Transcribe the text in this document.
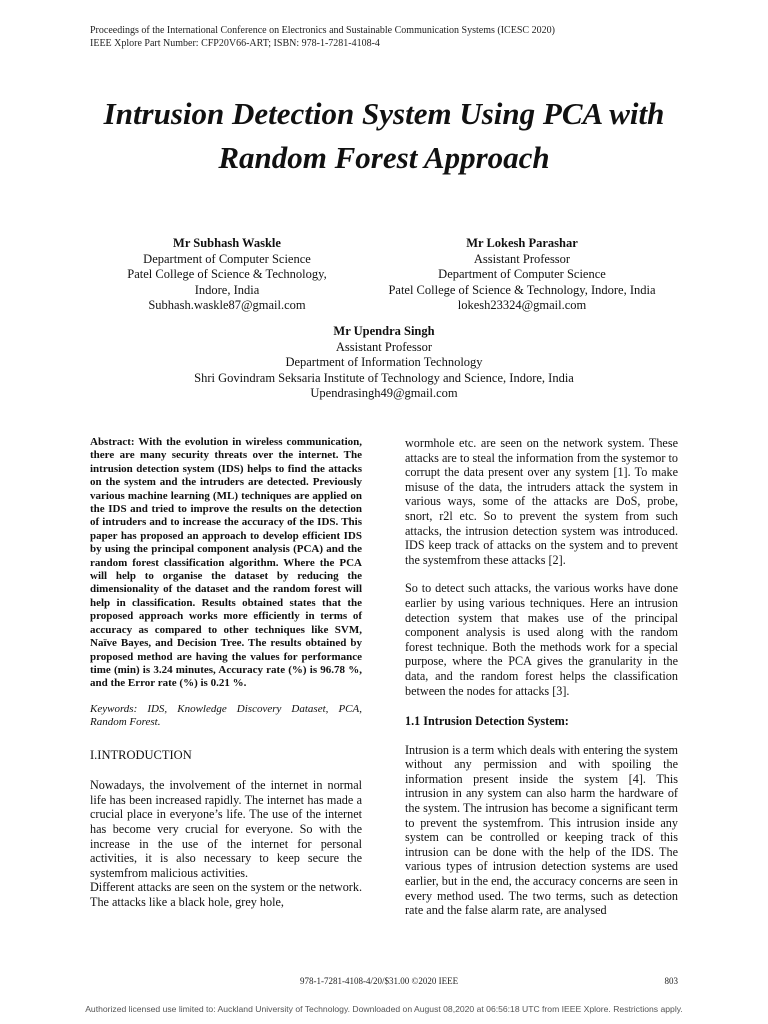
Proceedings of the International Conference on Electronics and Sustainable Communication Systems (ICESC 2020)
IEEE Xplore Part Number: CFP20V66-ART; ISBN: 978-1-7281-4108-4
Intrusion Detection System Using PCA with
Random Forest Approach
Mr Subhash Waskle
Department of Computer Science
Patel College of Science & Technology,
Indore, India
Subhash.waskle87@gmail.com
Mr Lokesh Parashar
Assistant Professor
Department of Computer Science
Patel College of Science & Technology, Indore, India
lokesh23324@gmail.com
Mr Upendra Singh
Assistant Professor
Department of Information Technology
Shri Govindram Seksaria Institute of Technology and Science, Indore, India
Upendrasingh49@gmail.com

Abstract: With the evolution in wireless communication, there are many security threats over the internet. The intrusion detection system (IDS) helps to find the attacks on the system and the intruders are detected. Previously various machine learning (ML) techniques are applied on the IDS and tried to improve the results on the detection of intruders and to increase the accuracy of the IDS. This paper has proposed an approach to develop efficient IDS by using the principal component analysis (PCA) and the random forest classification algorithm. Where the PCA will help to organise the dataset by reducing the dimensionality of the dataset and the random forest will help in classification. Results obtained states that the proposed approach works more efficiently in terms of accuracy as compared to other techniques like SVM, Naïve Bayes, and Decision Tree. The results obtained by proposed method are having the values for performance time (min) is 3.24 minutes, Accuracy rate (%) is 96.78 %, and the Error rate (%) is 0.21 %.

Keywords: IDS, Knowledge Discovery Dataset, PCA, Random Forest.

I.INTRODUCTION

Nowadays, the involvement of the internet in normal life has been increased rapidly. The internet has made a crucial place in everyone’s life. The use of the internet has become very crucial for everyone. So with the increase in the use of the internet for personal activities, it is also necessary to keep secure the systemfrom malicious activities.

Different attacks are seen on the system or the network. The attacks like a black hole, grey hole,

wormhole etc. are seen on the network system. These attacks are to steal the information from the systemor to corrupt the data present over any system [1]. To make misuse of the data, the intruders attack the system in various ways, some of the attacks are DoS, probe, snort, r2l etc. So to prevent the system from such attacks, the intrusion detection system was introduced. IDS keep track of attacks on the system and to prevent the systemfrom these attacks [2].

So to detect such attacks, the various works have done earlier by using various techniques. Here an intrusion detection system that makes use of the principal component analysis is used along with the random forest technique. Both the methods work for a special purpose, where the PCA gives the granularity in the data, and the random forest helps the classification between the nodes for attacks [3].

1.1 Intrusion Detection System:

Intrusion is a term which deals with entering the system without any permission and with spoiling the information present inside the system [4]. This intrusion in any system can also harm the hardware of the system. The intrusion has become a significant term to prevent the systemfrom. This intrusion inside any system can be controlled or keeping track of this intrusion can be done with the help of the IDS. The various types of intrusion detection systems are used earlier, but in the end, the accuracy concerns are seen in every method used. The two terms, such as detection rate and the false alarm rate, are analysed

978-1-7281-4108-4/20/$31.00 ©2020 IEEE	803
Authorized licensed use limited to: Auckland University of Technology. Downloaded on August 08,2020 at 06:56:18 UTC from IEEE Xplore. Restrictions apply.
